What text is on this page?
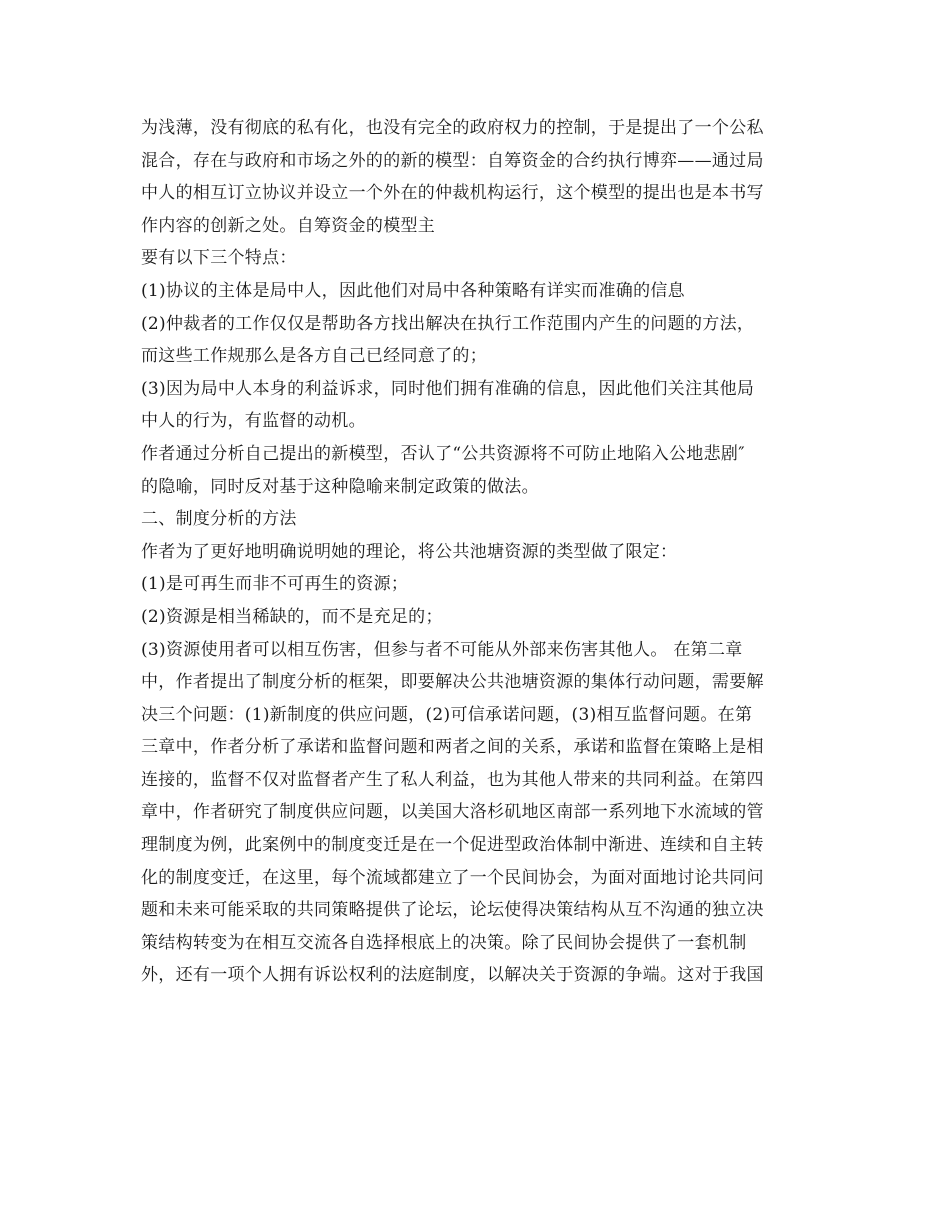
为浅薄，没有彻底的私有化，也没有完全的政府权力的控制，于是提出了一个公私
混合，存在与政府和市场之外的的新的模型：自筹资金的合约执行博弈——通过局
中人的相互订立协议并设立一个外在的仲裁机构运行，这个模型的提出也是本书写
作内容的创新之处。自筹资金的模型主
要有以下三个特点：
(1)协议的主体是局中人，因此他们对局中各种策略有详实而准确的信息
(2)仲裁者的工作仅仅是帮助各方找出解决在执行工作范围内产生的问题的方法，
而这些工作规那么是各方自己已经同意了的；
(3)因为局中人本身的利益诉求，同时他们拥有准确的信息，因此他们关注其他局
中人的行为，有监督的动机。
作者通过分析自己提出的新模型，否认了“公共资源将不可防止地陷入公地悲剧″
的隐喻，同时反对基于这种隐喻来制定政策的做法。
二、制度分析的方法
作者为了更好地明确说明她的理论，将公共池塘资源的类型做了限定：
(1)是可再生而非不可再生的资源；
(2)资源是相当稀缺的，而不是充足的；
(3)资源使用者可以相互伤害，但参与者不可能从外部来伤害其他人。 在第二章
中，作者提出了制度分析的框架，即要解决公共池塘资源的集体行动问题，需要解
决三个问题：(1)新制度的供应问题，(2)可信承诺问题，(3)相互监督问题。在第
三章中，作者分析了承诺和监督问题和两者之间的关系，承诺和监督在策略上是相
连接的，监督不仅对监督者产生了私人利益，也为其他人带来的共同利益。在第四
章中，作者研究了制度供应问题，以美国大洛杉矶地区南部一系列地下水流域的管
理制度为例，此案例中的制度变迁是在一个促进型政治体制中渐进、连续和自主转
化的制度变迁，在这里，每个流域都建立了一个民间协会，为面对面地讨论共同问
题和未来可能采取的共同策略提供了论坛，论坛使得决策结构从互不沟通的独立决
策结构转变为在相互交流各自选择根底上的决策。除了民间协会提供了一套机制
外，还有一项个人拥有诉讼权利的法庭制度，以解决关于资源的争端。这对于我国
